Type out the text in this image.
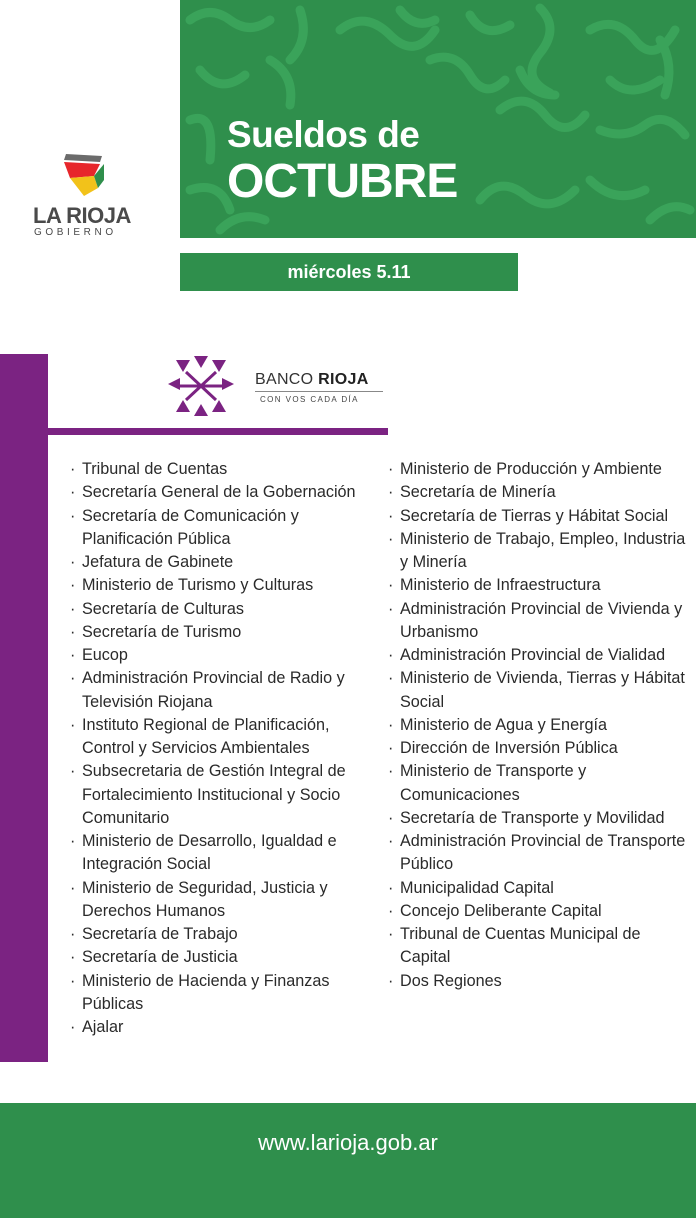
LA RIOJA
GOBIERNO
Sueldos de
OCTUBRE
miércoles 5.11
BANCO RIOJA
CON VOS CADA DÍA
· Tribunal de Cuentas
· Secretaría General de la Gobernación
· Secretaría de Comunicación y Planificación Pública
· Jefatura de Gabinete
· Ministerio de Turismo y Culturas
· Secretaría de Culturas
· Secretaría de Turismo
· Eucop
· Administración Provincial de Radio y Televisión Riojana
· Instituto Regional de Planificación, Control y Servicios Ambientales
· Subsecretaria de Gestión Integral de Fortalecimiento Institucional y Socio Comunitario
· Ministerio de Desarrollo, Igualdad e Integración Social
· Ministerio de Seguridad, Justicia y Derechos Humanos
· Secretaría de Trabajo
· Secretaría de Justicia
· Ministerio de Hacienda y Finanzas Públicas
· Ajalar
· Ministerio de Producción y Ambiente
· Secretaría de Minería
· Secretaría de Tierras y Hábitat Social
· Ministerio de Trabajo, Empleo, Industria y Minería
· Ministerio de Infraestructura
· Administración Provincial de Vivienda y Urbanismo
· Administración Provincial de Vialidad
· Ministerio de Vivienda, Tierras y Hábitat Social
· Ministerio de Agua y Energía
· Dirección de Inversión Pública
· Ministerio de Transporte y Comunicaciones
· Secretaría de Transporte y Movilidad
· Administración Provincial de Transporte Público
· Municipalidad Capital
· Concejo Deliberante Capital
· Tribunal de Cuentas Municipal de Capital
· Dos Regiones
www.larioja.gob.ar
